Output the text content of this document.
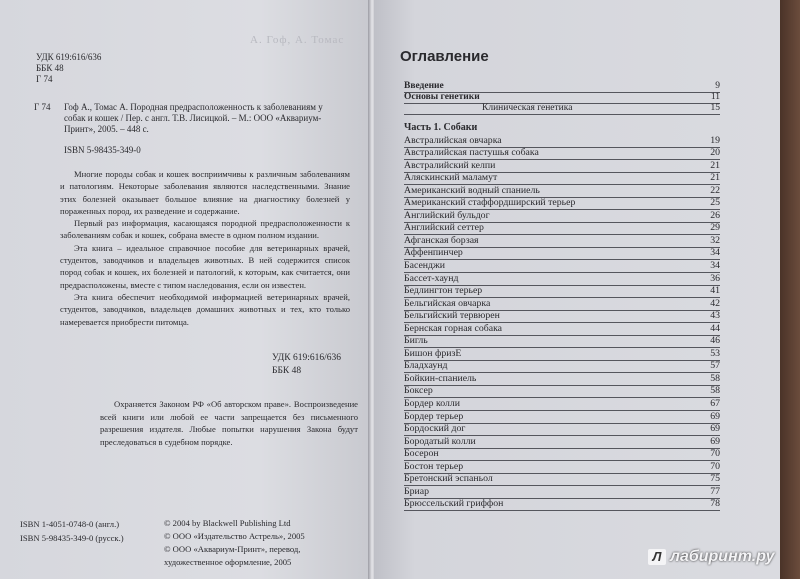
А. Гоф, А. Томас
УДК 619:616/636
ББК 48
Г 74
Г 74 Гоф А., Томас А. Породная предрасположенность к заболеваниям у собак и кошек / Пер. с англ. Т.В. Лисицкой. – М.: ООО «Аквариум-Принт», 2005. – 448 с.
ISBN 5-98435-349-0

Многие породы собак и кошек восприимчивы к различным заболеваниям и патологиям. Некоторые заболевания являются наследственными. Знание этих болезней оказывает большое влияние на диагностику болезней у пораженных пород, их разведение и содержание.

Первый раз информация, касающаяся породной предрасположенности к заболеваниям собак и кошек, собрана вместе в одном полном издании.

Эта книга – идеальное справочное пособие для ветеринарных врачей, студентов, заводчиков и владельцев животных. В ней содержится список пород собак и кошек, их болезней и патологий, к которым, как считается, они предрасположены, вместе с типом наследования, если он известен.

Эта книга обеспечит необходимой информацией ветеринарных врачей, студентов, заводчиков, владельцев домашних животных и тех, кто только намеревается приобрести питомца.

УДК 619:616/636
ББК 48

Охраняется Законом РФ «Об авторском праве». Воспроизведение всей книги или любой ее части запрещается без письменного разрешения издателя. Любые попытки нарушения Закона будут преследоваться в судебном порядке.

ISBN 1-4051-0748-0 (англ.)
ISBN 5-98435-349-0 (русск.)
© 2004 by Blackwell Publishing Ltd
© ООО «Издательство Астрель», 2005
© ООО «Аквариум-Принт», перевод,
художественное оформление, 2005
Оглавление
Введение	9
Основы генетики	11
Клиническая генетика	15
Часть 1. Собаки
Австралийская овчарка	19
Австралийская пастушья собака	20
Австралийский келпи	21
Аляскинский маламут	21
Американский водный спаниель	22
Американский стаффордширский терьер	25
Английский бульдог	26
Английский сеттер	29
Афганская борзая	32
Аффенпинчер	34
Басенджи	34
Бассет-хаунд	36
Бедлингтон терьер	41
Бельгийская овчарка	42
Бельгийский тервюрен	43
Бернская горная собака	44
Бигль	46
Бишон фризЕ	53
Бладхаунд	57
Бойкин-спаниель	58
Боксер	58
Бордер колли	67
Бордер терьер	69
Бордоский дог	69
Бородатый колли	69
Босерон	70
Бостон терьер	70
Бретонский эспаньол	75
Бриар	77
Брюссельский гриффон	78
Л лабиринт.ру
